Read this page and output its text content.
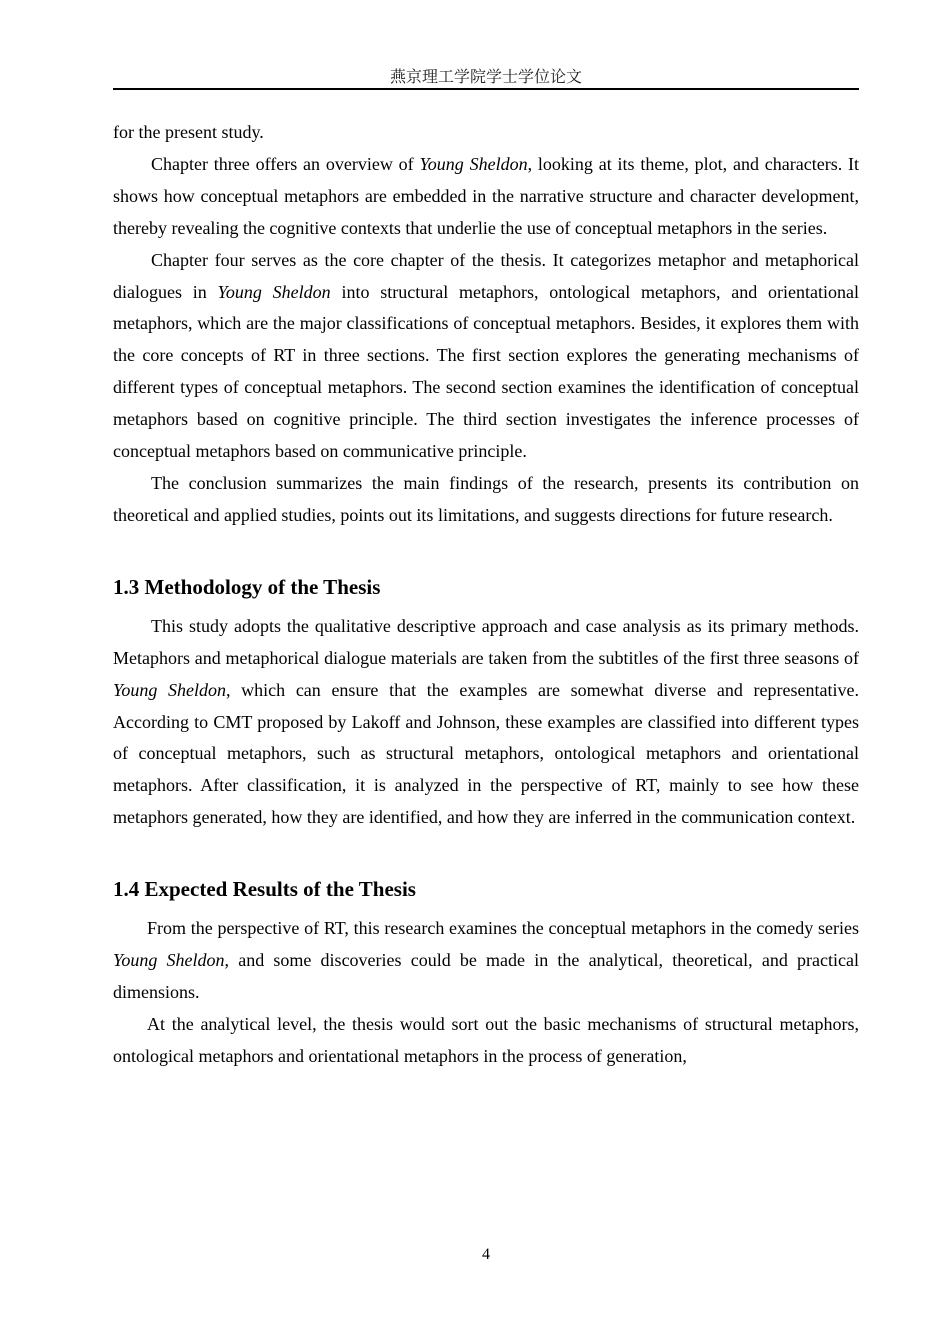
燕京理工学院学士学位论文

for the present study.

Chapter three offers an overview of Young Sheldon, looking at its theme, plot, and characters. It shows how conceptual metaphors are embedded in the narrative structure and character development, thereby revealing the cognitive contexts that underlie the use of conceptual metaphors in the series.

Chapter four serves as the core chapter of the thesis. It categorizes metaphor and metaphorical dialogues in Young Sheldon into structural metaphors, ontological metaphors, and orientational metaphors, which are the major classifications of conceptual metaphors. Besides, it explores them with the core concepts of RT in three sections. The first section explores the generating mechanisms of different types of conceptual metaphors. The second section examines the identification of conceptual metaphors based on cognitive principle. The third section investigates the inference processes of conceptual metaphors based on communicative principle.

The conclusion summarizes the main findings of the research, presents its contribution on theoretical and applied studies, points out its limitations, and suggests directions for future research.

1.3 Methodology of the Thesis

This study adopts the qualitative descriptive approach and case analysis as its primary methods. Metaphors and metaphorical dialogue materials are taken from the subtitles of the first three seasons of Young Sheldon, which can ensure that the examples are somewhat diverse and representative. According to CMT proposed by Lakoff and Johnson, these examples are classified into different types of conceptual metaphors, such as structural metaphors, ontological metaphors and orientational metaphors. After classification, it is analyzed in the perspective of RT, mainly to see how these metaphors generated, how they are identified, and how they are inferred in the communication context.

1.4 Expected Results of the Thesis

From the perspective of RT, this research examines the conceptual metaphors in the comedy series Young Sheldon, and some discoveries could be made in the analytical, theoretical, and practical dimensions.

At the analytical level, the thesis would sort out the basic mechanisms of structural metaphors, ontological metaphors and orientational metaphors in the process of generation,

4
